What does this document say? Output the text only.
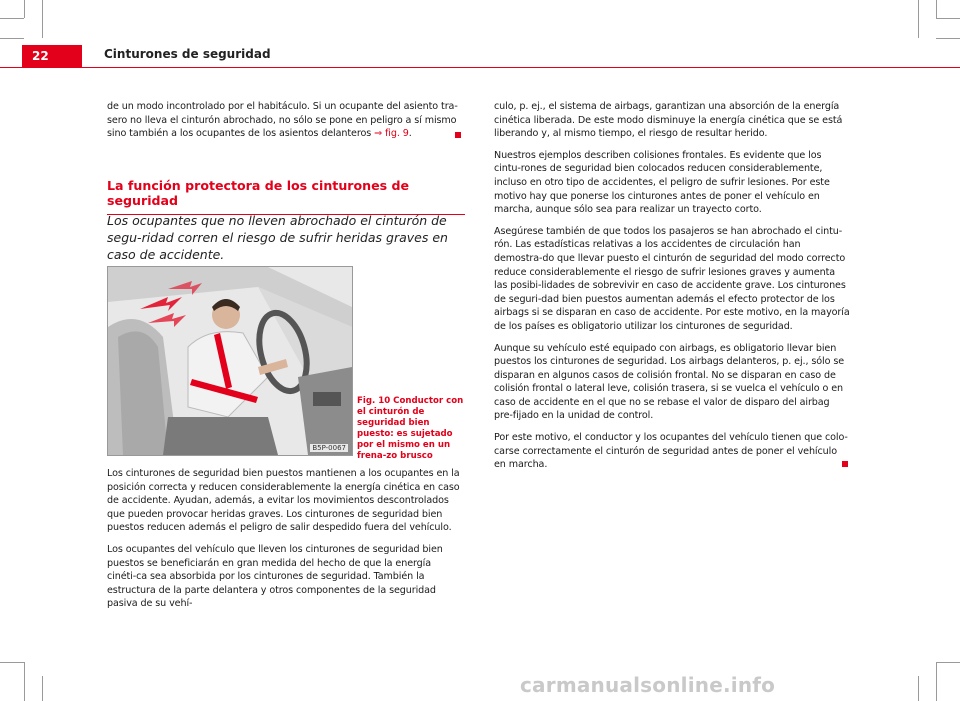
22	Cinturones de seguridad

de un modo incontrolado por el habitáculo. Si un ocupante del asiento tra-sero no lleva el cinturón abrochado, no sólo se pone en peligro a sí mismo sino también a los ocupantes de los asientos delanteros ⇒ fig. 9.

La función protectora de los cinturones de seguridad
Los ocupantes que no lleven abrochado el cinturón de segu-ridad corren el riesgo de sufrir heridas graves en caso de accidente.
B5P-0067
Fig. 10 Conductor con el cinturón de seguridad bien puesto: es sujetado por el mismo en un frena-zo brusco

Los cinturones de seguridad bien puestos mantienen a los ocupantes en la posición correcta y reducen considerablemente la energía cinética en caso de accidente. Ayudan, además, a evitar los movimientos descontrolados que pueden provocar heridas graves. Los cinturones de seguridad bien puestos reducen además el peligro de salir despedido fuera del vehículo.

Los ocupantes del vehículo que lleven los cinturones de seguridad bien puestos se beneficiarán en gran medida del hecho de que la energía cinéti-ca sea absorbida por los cinturones de seguridad. También la estructura de la parte delantera y otros componentes de la seguridad pasiva de su vehí-

culo, p. ej., el sistema de airbags, garantizan una absorción de la energía cinética liberada. De este modo disminuye la energía cinética que se está liberando y, al mismo tiempo, el riesgo de resultar herido.

Nuestros ejemplos describen colisiones frontales. Es evidente que los cintu-rones de seguridad bien colocados reducen considerablemente, incluso en otro tipo de accidentes, el peligro de sufrir lesiones. Por este motivo hay que ponerse los cinturones antes de poner el vehículo en marcha, aunque sólo sea para realizar un trayecto corto.

Asegúrese también de que todos los pasajeros se han abrochado el cintu-rón. Las estadísticas relativas a los accidentes de circulación han demostra-do que llevar puesto el cinturón de seguridad del modo correcto reduce considerablemente el riesgo de sufrir lesiones graves y aumenta las posibi-lidades de sobrevivir en caso de accidente grave. Los cinturones de seguri-dad bien puestos aumentan además el efecto protector de los airbags si se disparan en caso de accidente. Por este motivo, en la mayoría de los países es obligatorio utilizar los cinturones de seguridad.

Aunque su vehículo esté equipado con airbags, es obligatorio llevar bien puestos los cinturones de seguridad. Los airbags delanteros, p. ej., sólo se disparan en algunos casos de colisión frontal. No se disparan en caso de colisión frontal o lateral leve, colisión trasera, si se vuelca el vehículo o en caso de accidente en el que no se rebase el valor de disparo del airbag pre-fijado en la unidad de control.

Por este motivo, el conductor y los ocupantes del vehículo tienen que colo-carse correctamente el cinturón de seguridad antes de poner el vehículo en marcha.

carmanualsonline.info
